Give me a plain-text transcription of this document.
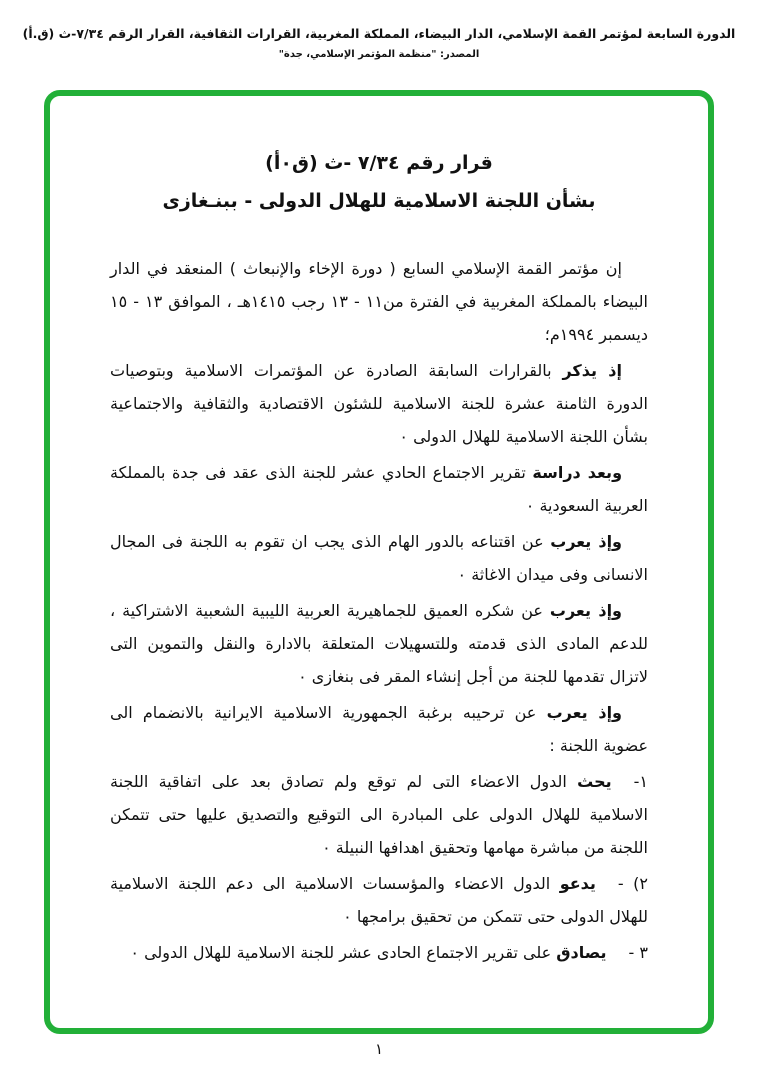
الدورة السابعة لمؤتمر القمة الإسلامي، الدار البيضاء، المملكة المغربية، القرارات الثقافية، القرار الرقم ٧/٣٤-ث (ق.أ)
المصدر: "منظمة المؤتمر الإسلامي، جدة"
قرار رقم ٧/٣٤ -ث (ق٠أ)
بشأن اللجنة الاسلامية للهلال الدولى - ببنـغازى

إن مؤتمر القمة الإسلامي السابع ( دورة الإخاء والإنبعاث ) المنعقد في الدار البيضاء بالمملكة المغربية في الفترة من١١ - ١٣ رجب ١٤١٥هـ ، الموافق ١٣ - ١٥ ديسمبر ١٩٩٤م؛

إذ يذكر بالقرارات السابقة الصادرة عن المؤتمرات الاسلامية وبتوصيات الدورة الثامنة عشرة للجنة الاسلامية للشئون الاقتصادية والثقافية والاجتماعية بشأن اللجنة الاسلامية للهلال الدولى ٠

وبعد دراسة تقرير الاجتماع الحادي عشر للجنة الذى عقد فى جدة بالمملكة العربية السعودية ٠

وإذ يعرب عن اقتناعه بالدور الهام الذى يجب ان تقوم به اللجنة فى المجال الانسانى وفى ميدان الاغاثة ٠

وإذ يعرب عن شكره العميق للجماهيرية العربية الليبية الشعبية الاشتراكية ، للدعم المادى الذى قدمته وللتسهيلات المتعلقة بالادارة والنقل والتموين التى لاتزال تقدمها للجنة من أجل إنشاء المقر فى بنغازى ٠

وإذ يعرب عن ترحيبه برغبة الجمهورية الاسلامية الايرانية بالانضمام الى عضوية اللجنة :

١-يحث الدول الاعضاء التى لم توقع ولم تصادق بعد على اتفاقية اللجنة الاسلامية للهلال الدولى على المبادرة الى التوقيع والتصديق عليها حتى تتمكن اللجنة من مباشرة مهامها وتحقيق اهدافها النبيلة ٠

٢) -يدعو الدول الاعضاء والمؤسسات الاسلامية الى دعم اللجنة الاسلامية للهلال الدولى حتى تتمكن من تحقيق برامجها ٠

٣ -يصادق على تقرير الاجتماع الحادى عشر للجنة الاسلامية للهلال الدولى ٠

١
